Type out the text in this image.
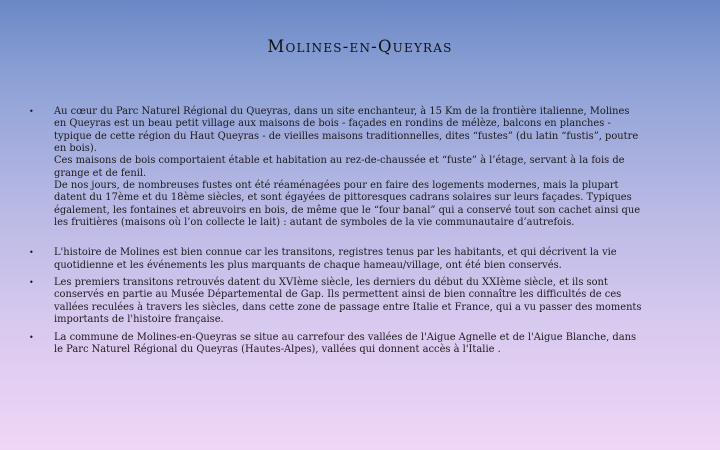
Molines-en-Queyras
• Au cœur du Parc Naturel Régional du Queyras, dans un site enchanteur, à 15 Km de la frontière italienne, Molines
en Queyras est un beau petit village aux maisons de bois - façades en rondins de mélèze, balcons en planches -
typique de cette région du Haut Queyras - de vieilles maisons traditionnelles, dites “fustes” (du latin “fustis”, poutre
en bois).
Ces maisons de bois comportaient étable et habitation au rez-de-chaussée et “fuste” à l’étage, servant à la fois de
grange et de fenil.
De nos jours, de nombreuses fustes ont été réaménagées pour en faire des logements modernes, mais la plupart
datent du 17ème et du 18ème siècles, et sont égayées de pittoresques cadrans solaires sur leurs façades. Typiques
également, les fontaines et abreuvoirs en bois, de même que le “four banal” qui a conservé tout son cachet ainsi que
les fruitières (maisons où l’on collecte le lait) : autant de symboles de la vie communautaire d’autrefois.
• L'histoire de Molines est bien connue car les transitons, registres tenus par les habitants, et qui décrivent la vie
quotidienne et les événements les plus marquants de chaque hameau/village, ont été bien conservés.
• Les premiers transitons retrouvés datent du XVIème siècle, les derniers du début du XXIème siècle, et ils sont
conservés en partie au Musée Départemental de Gap. Ils permettent ainsi de bien connaître les difficultés de ces
vallées reculées à travers les siècles, dans cette zone de passage entre Italie et France, qui a vu passer des moments
importants de l'histoire française.
• La commune de Molines-en-Queyras se situe au carrefour des vallées de l'Aigue Agnelle et de l'Aigue Blanche, dans
le Parc Naturel Régional du Queyras (Hautes-Alpes), vallées qui donnent accès à l'Italie .
